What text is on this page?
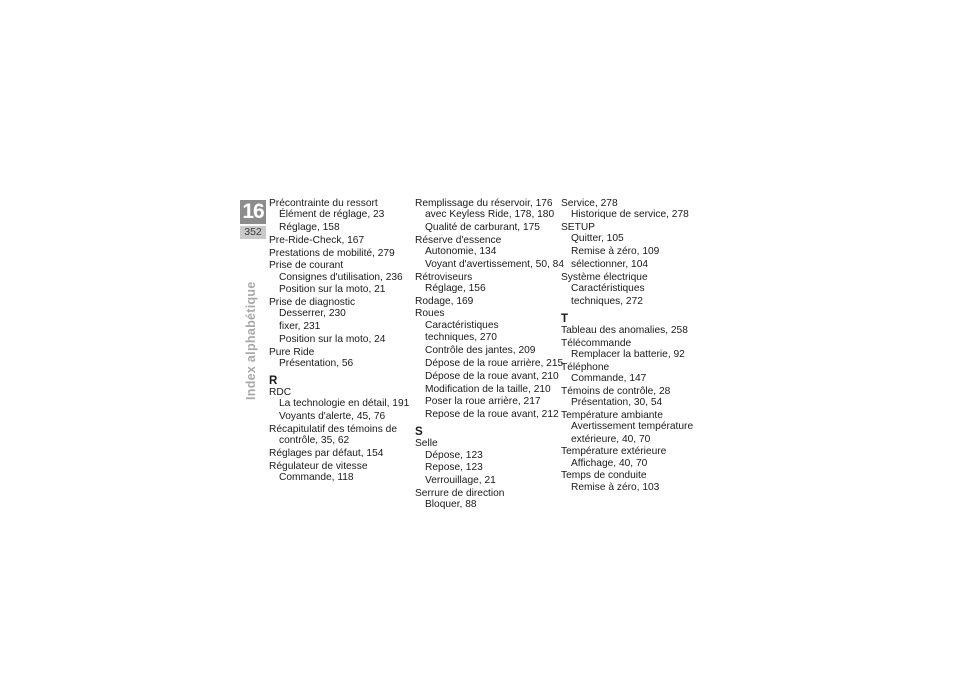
16
352
Index alphabétique
Précontrainte du ressort
Élément de réglage, 23
Réglage, 158
Pre-Ride-Check, 167
Prestations de mobilité, 279
Prise de courant
Consignes d'utilisation, 236
Position sur la moto, 21
Prise de diagnostic
Desserrer, 230
fixer, 231
Position sur la moto, 24
Pure Ride
Présentation, 56
R
RDC
La technologie en détail, 191
Voyants d'alerte, 45, 76
Récapitulatif des témoins de
contrôle, 35, 62
Réglages par défaut, 154
Régulateur de vitesse
Commande, 118
Remplissage du réservoir, 176
avec Keyless Ride, 178, 180
Qualité de carburant, 175
Réserve d'essence
Autonomie, 134
Voyant d'avertissement, 50, 84
Rétroviseurs
Réglage, 156
Rodage, 169
Roues
Caractéristiques
techniques, 270
Contrôle des jantes, 209
Dépose de la roue arrière, 215
Dépose de la roue avant, 210
Modification de la taille, 210
Poser la roue arrière, 217
Repose de la roue avant, 212
S
Selle
Dépose, 123
Repose, 123
Verrouillage, 21
Serrure de direction
Bloquer, 88
Service, 278
Historique de service, 278
SETUP
Quitter, 105
Remise à zéro, 109
sélectionner, 104
Système électrique
Caractéristiques
techniques, 272
T
Tableau des anomalies, 258
Télécommande
Remplacer la batterie, 92
Téléphone
Commande, 147
Témoins de contrôle, 28
Présentation, 30, 54
Température ambiante
Avertissement température
extérieure, 40, 70
Température extérieure
Affichage, 40, 70
Temps de conduite
Remise à zéro, 103
